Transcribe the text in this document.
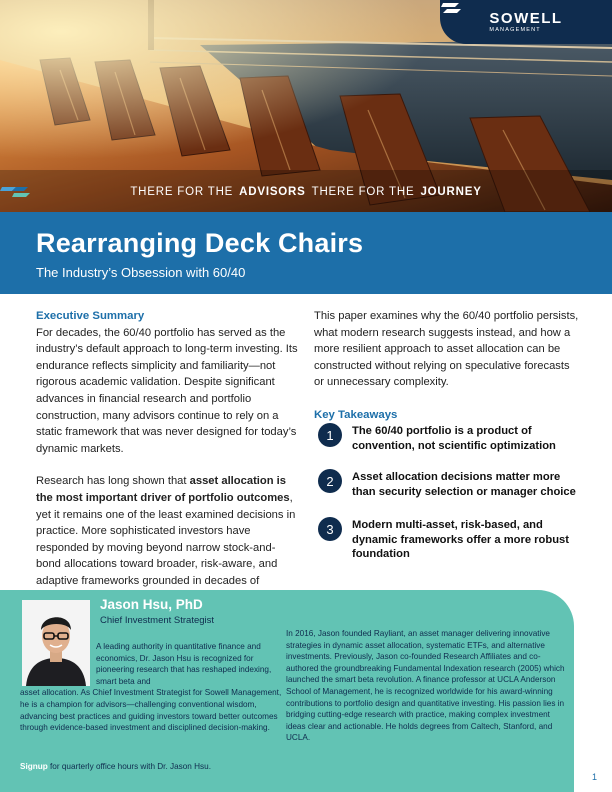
SOWELL
MANAGEMENT
THERE FOR THE ADVISORS THERE FOR THE JOURNEY
Rearranging Deck Chairs
The Industry’s Obsession with 60/40
Executive Summary

For decades, the 60/40 portfolio has served as the industry’s default approach to long-term investing. Its endurance reflects simplicity and familiarity—not rigorous academic validation. Despite significant advances in financial research and portfolio construction, many advisors continue to rely on a static framework that was never designed for today’s dynamic markets.

Research has long shown that asset allocation is the most important driver of portfolio outcomes, yet it remains one of the least examined decisions in practice. More sophisticated investors have responded by moving beyond narrow stock-and-bond allocations toward broader, risk-aware, and adaptive frameworks grounded in decades of

This paper examines why the 60/40 portfolio persists, what modern research suggests instead, and how a more resilient approach to asset allocation can be constructed without relying on speculative forecasts or unnecessary complexity.

Key Takeaways
1	The 60/40 portfolio is a product of convention, not scientific optimization
2	Asset allocation decisions matter more than security selection or manager choice
3	Modern multi-asset, risk-based, and dynamic frameworks offer a more robust foundation
Jason Hsu, PhD
Chief Investment Strategist
A leading authority in quantitative finance and economics, Dr. Jason Hsu is recognized for pioneering research that has reshaped indexing, smart beta and
asset allocation. As Chief Investment Strategist for Sowell Management, he is a champion for advisors—challenging conventional wisdom, advancing best practices and guiding investors toward better outcomes through evidence-based investment and disciplined decision-making.
In 2016, Jason founded Rayliant, an asset manager delivering innovative strategies in dynamic asset allocation, systematic ETFs, and alternative investments. Previously, Jason co-founded Research Affiliates and co-authored the groundbreaking Fundamental Indexation research (2005) which launched the smart beta revolution. A finance professor at UCLA Anderson School of Management, he is recognized worldwide for his award-winning contributions to portfolio design and quantitative investing. His passion lies in bridging cutting-edge research with practice, making complex investment ideas clear and actionable. He holds degrees from Caltech, Stanford, and UCLA.
Signup for quarterly office hours with Dr. Jason Hsu.
1
